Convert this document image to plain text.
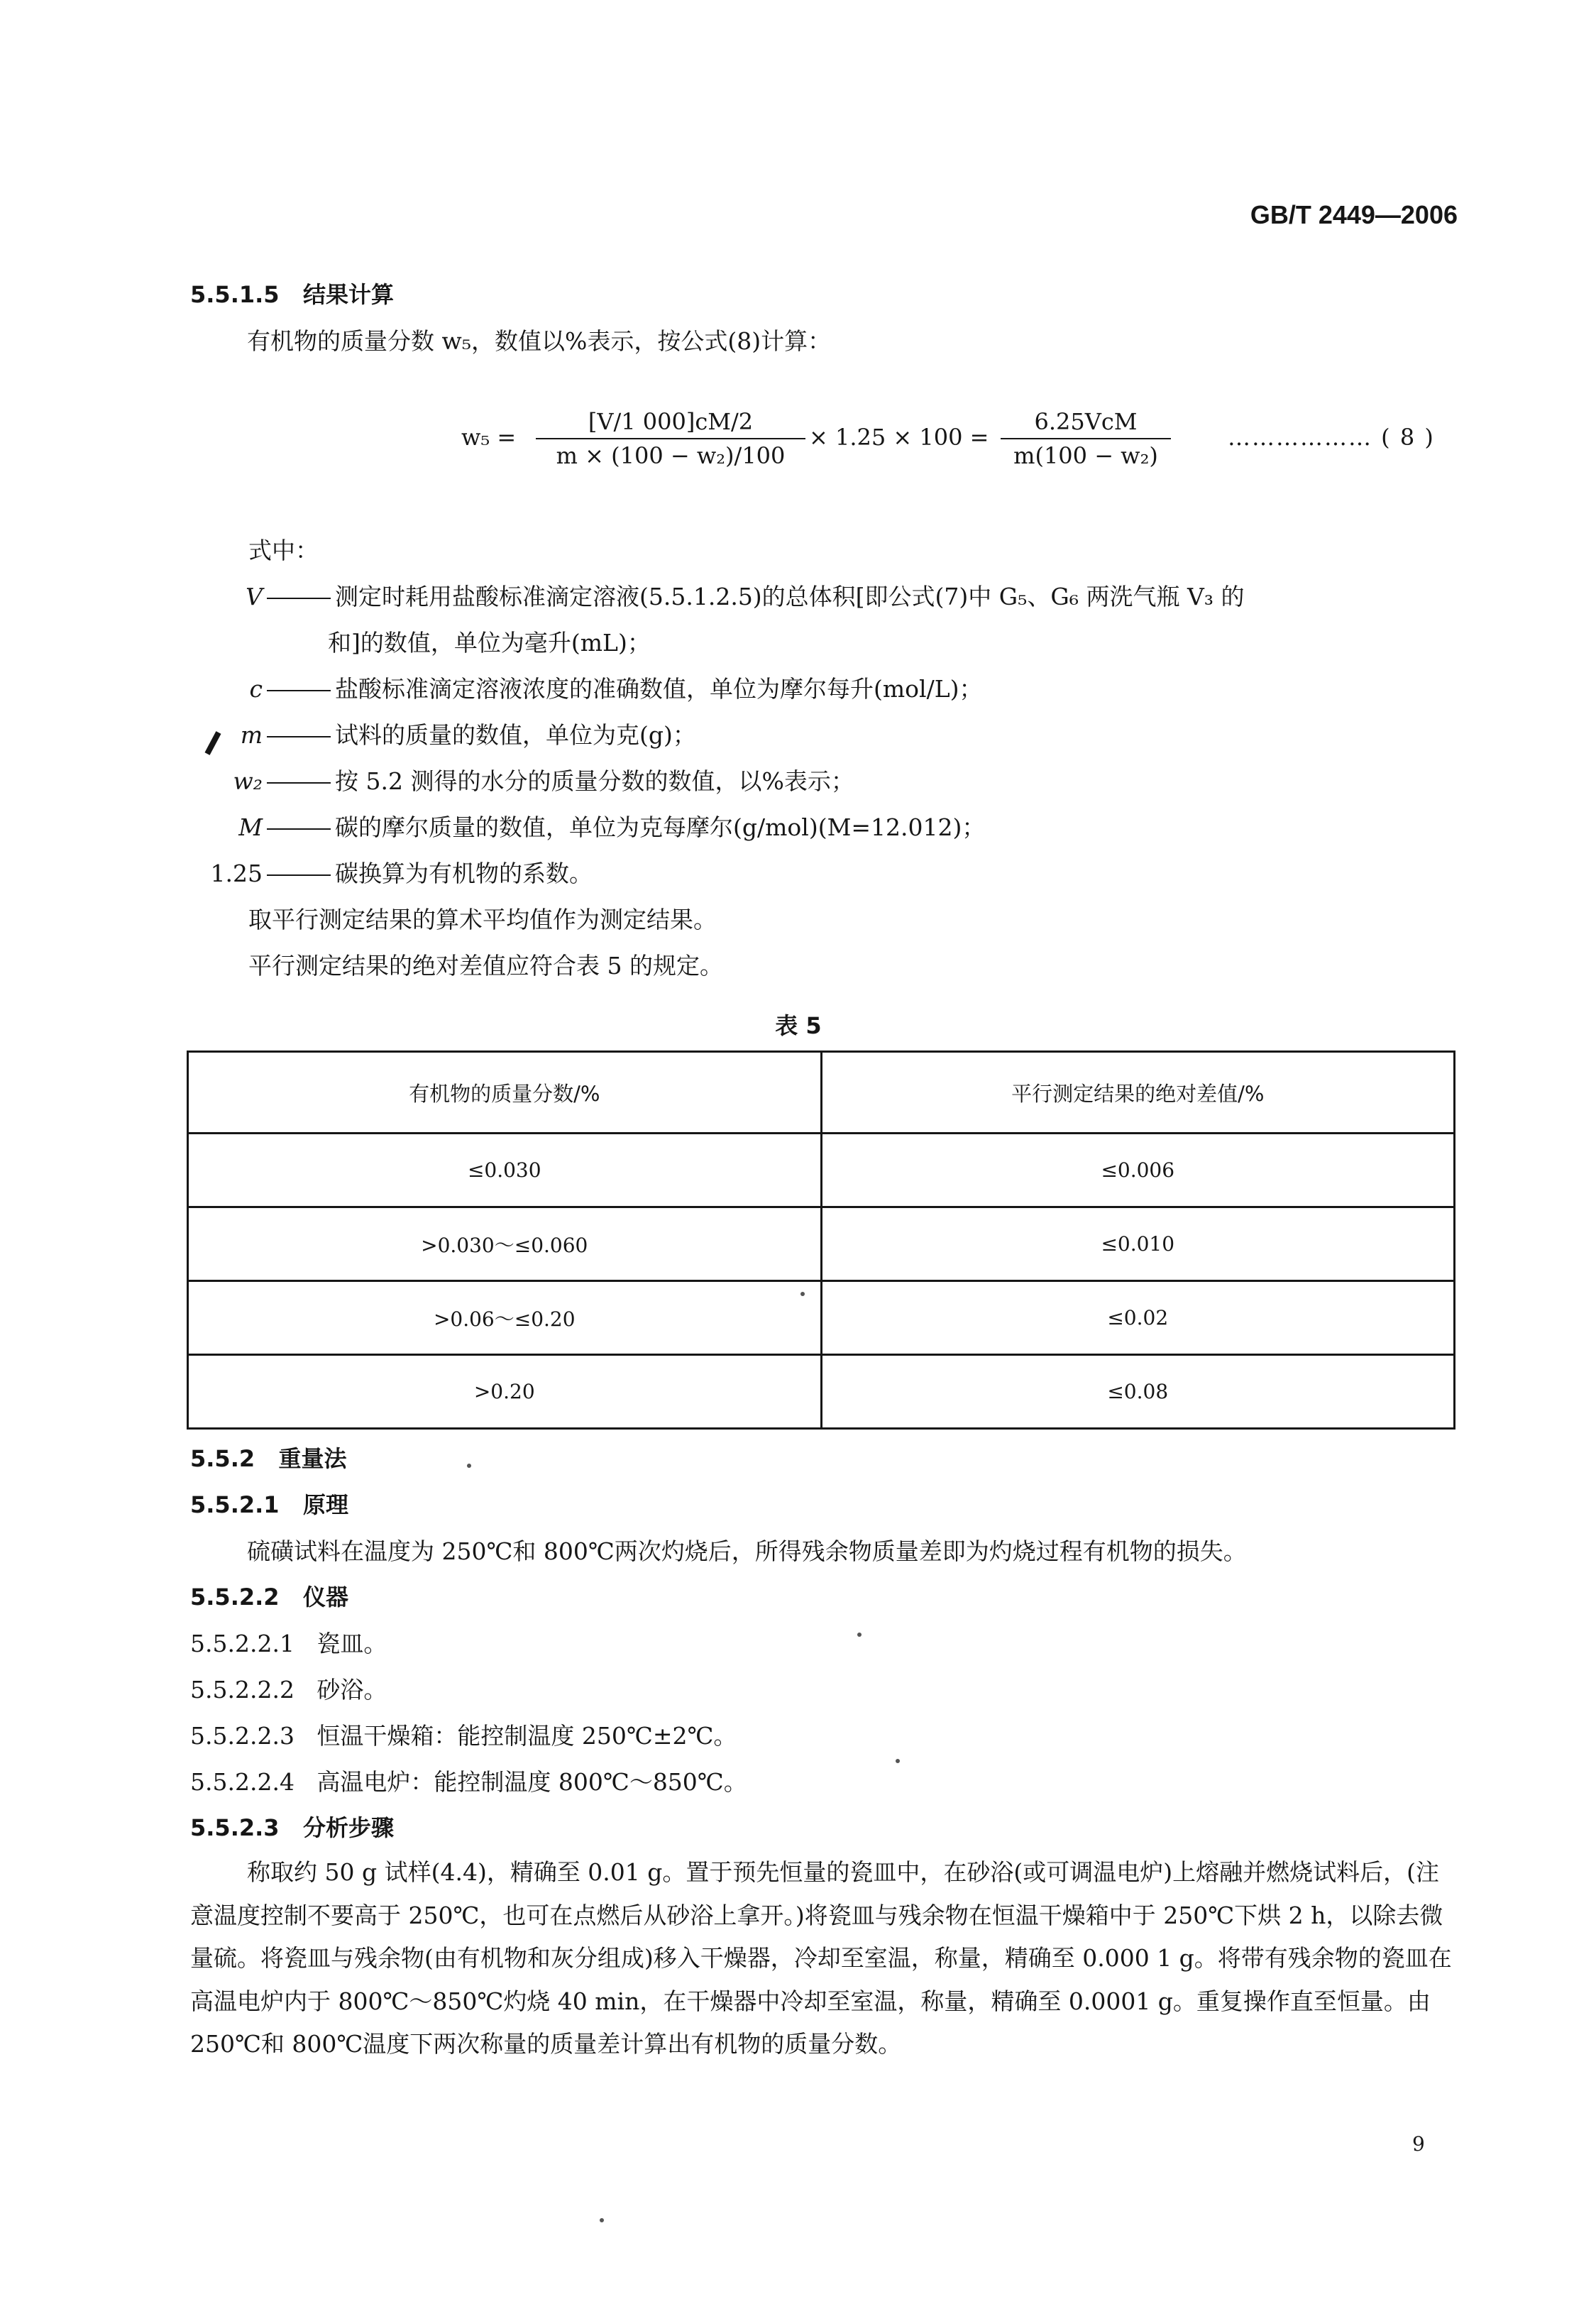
GB/T 2449—2006
5.5.1.5 结果计算
有机物的质量分数 w₅，数值以%表示，按公式(8)计算：
$w_5 = \frac{[V/1 000]cM/2}{\text{m × (100 − w₂)/100}} \times 1.25 \times 100$ =
6.25VcM
m(100 − w₂)
……………… ( 8 )
式中：
V	测定时耗用盐酸标准滴定溶液(5.5.1.2.5)的总体积[即公式(7)中 G₅、G₆ 两洗气瓶 V₃ 的
和]的数值，单位为毫升(mL)；
c	盐酸标准滴定溶液浓度的准确数值，单位为摩尔每升(mol/L)；
m	试料的质量的数值，单位为克(g)；
w₂	按 5.2 测得的水分的质量分数的数值，以%表示；
M	碳的摩尔质量的数值，单位为克每摩尔(g/mol)(M=12.012)；
1.25	碳换算为有机物的系数。
取平行测定结果的算术平均值作为测定结果。
平行测定结果的绝对差值应符合表 5 的规定。
表 5
有机物的质量分数/%	平行测定结果的绝对差值/%
≤0.030	≤0.006
>0.030～≤0.060	≤0.010
>0.06～≤0.20	≤0.02
>0.20	≤0.08
5.5.2 重量法
5.5.2.1 原理
硫磺试料在温度为 250℃和 800℃两次灼烧后，所得残余物质量差即为灼烧过程有机物的损失。
5.5.2.2 仪器
5.5.2.2.1 瓷皿。
5.5.2.2.2 砂浴。
5.5.2.2.3 恒温干燥箱：能控制温度 250℃±2℃。
5.5.2.2.4 高温电炉：能控制温度 800℃～850℃。
5.5.2.3 分析步骤
称取约 50 g 试样(4.4)，精确至 0.01 g。置于预先恒量的瓷皿中，在砂浴(或可调温电炉)上熔融并燃烧试料后，(注意温度控制不要高于 250℃，也可在点燃后从砂浴上拿开。)将瓷皿与残余物在恒温干燥箱中于 250℃下烘 2 h，以除去微量硫。将瓷皿与残余物(由有机物和灰分组成)移入干燥器，冷却至室温，称量，精确至 0.000 1 g。将带有残余物的瓷皿在高温电炉内于 800℃～850℃灼烧 40 min，在干燥器中冷却至室温，称量，精确至 0.0001 g。重复操作直至恒量。由 250℃和 800℃温度下两次称量的质量差计算出有机物的质量分数。
9
